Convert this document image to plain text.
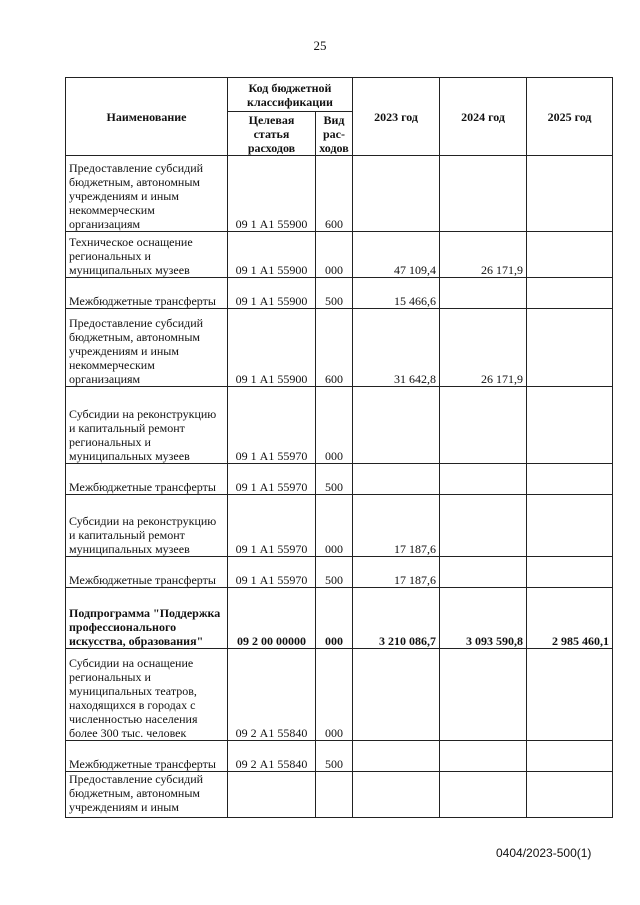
25
Наименование	Код бюджетной классификации		2023 год	2024 год	2025 год
	Целевая статья расходов	Вид рас-ходов			
Предоставление субсидий бюджетным, автономным учреждениям и иным некоммерческим организациям	09 1 А1 55900	600			
Техническое оснащение региональных и муниципальных музеев	09 1 А1 55900	000	47 109,4	26 171,9	
Межбюджетные трансферты	09 1 А1 55900	500	15 466,6		
Предоставление субсидий бюджетным, автономным учреждениям и иным некоммерческим организациям	09 1 А1 55900	600	31 642,8	26 171,9	
Субсидии на реконструкцию и капитальный ремонт региональных и муниципальных музеев	09 1 А1 55970	000			
Межбюджетные трансферты	09 1 А1 55970	500			
Субсидии на реконструкцию и капитальный ремонт муниципальных музеев	09 1 А1 55970	000	17 187,6		
Межбюджетные трансферты	09 1 А1 55970	500	17 187,6		
Подпрограмма "Поддержка профессионального искусства, образования"	09 2 00 00000	000	3 210 086,7	3 093 590,8	2 985 460,1
Субсидии на оснащение региональных и муниципальных театров, находящихся в городах с численностью населения более 300 тыс. человек	09 2 А1 55840	000			
Межбюджетные трансферты	09 2 А1 55840	500			
Предоставление субсидий бюджетным, автономным учреждениям и иным					
0404/2023-500(1)
